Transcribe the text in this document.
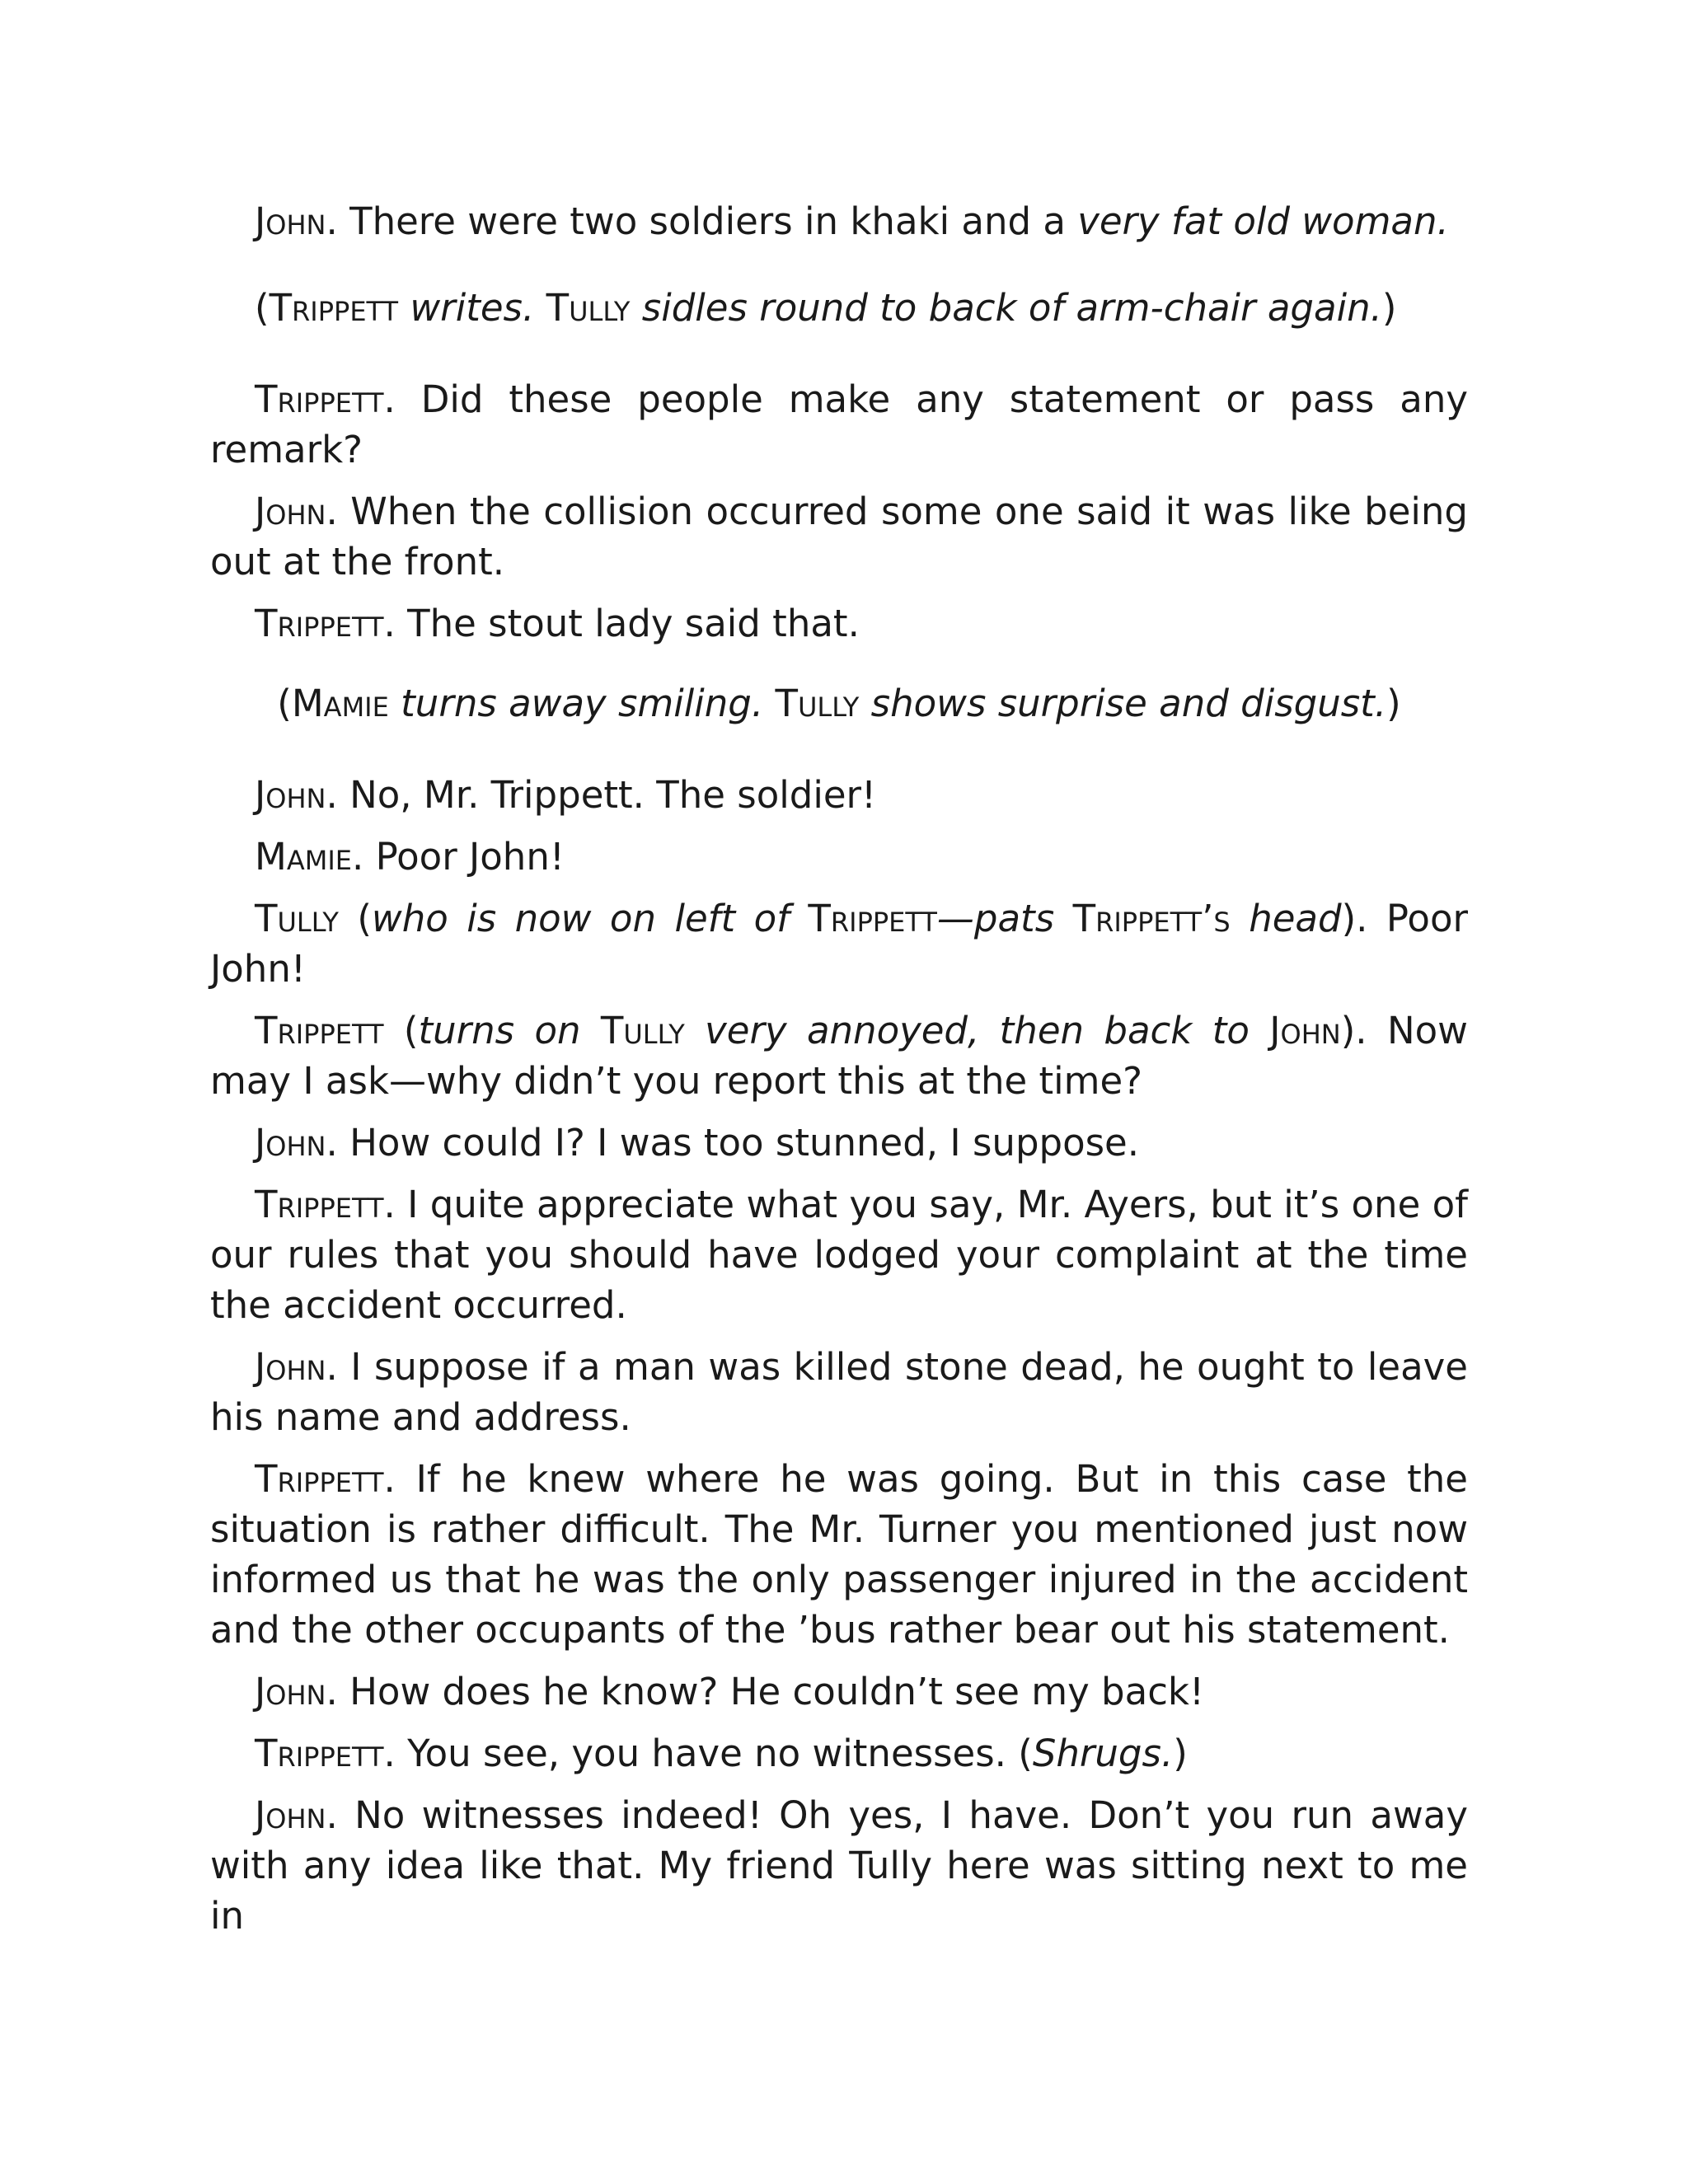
John. There were two soldiers in khaki and a very fat old woman.

(Trippett writes. Tully sidles round to back of arm-chair again.)

Trippett. Did these people make any statement or pass any remark?

John. When the collision occurred some one said it was like being out at the front.

Trippett. The stout lady said that.

(Mamie turns away smiling. Tully shows surprise and disgust.)

John. No, Mr. Trippett. The soldier!

Mamie. Poor John!

Tully (who is now on left of Trippett—pats Trippett’s head). Poor John!

Trippett (turns on Tully very annoyed, then back to John). Now may I ask—why didn’t you report this at the time?

John. How could I? I was too stunned, I suppose.

Trippett. I quite appreciate what you say, Mr. Ayers, but it’s one of our rules that you should have lodged your complaint at the time the accident occurred.

John. I suppose if a man was killed stone dead, he ought to leave his name and address.

Trippett. If he knew where he was going. But in this case the situation is rather difficult. The Mr. Turner you mentioned just now informed us that he was the only passenger injured in the accident and the other occupants of the ’bus rather bear out his statement.

John. How does he know? He couldn’t see my back!

Trippett. You see, you have no witnesses. (Shrugs.)

John. No witnesses indeed! Oh yes, I have. Don’t you run away with any idea like that. My friend Tully here was sitting next to me in
